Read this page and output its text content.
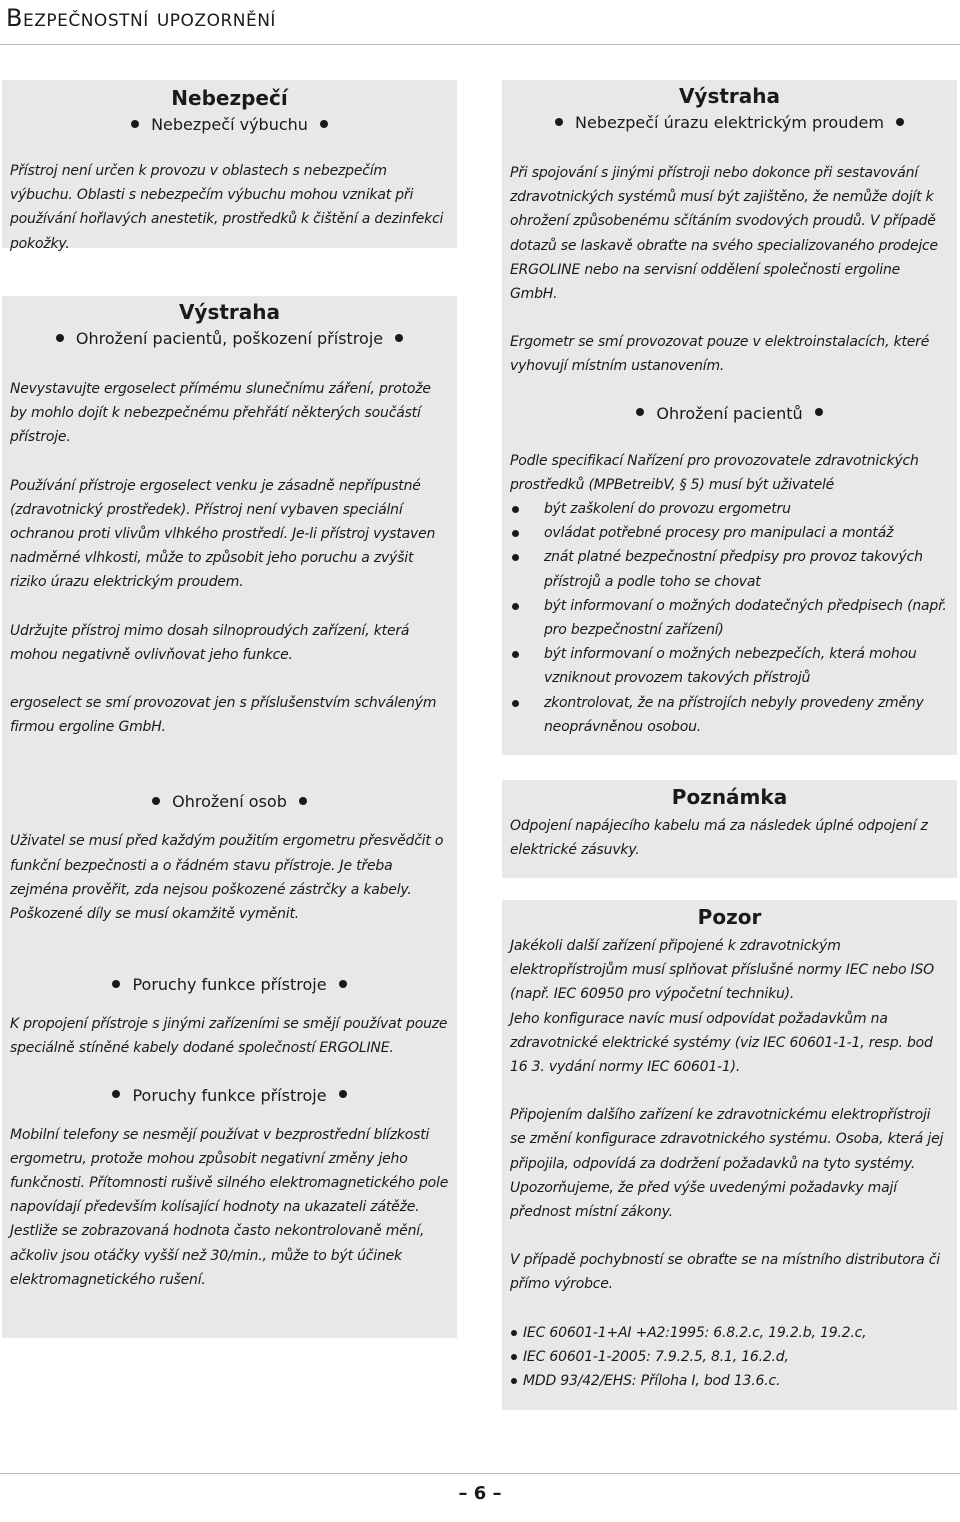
Bezpečnostní upozornění
Nebezpečí
Nebezpečí výbuchu

Přístroj není určen k provozu v oblastech s nebezpečím výbuchu. Oblasti s nebezpečím výbuchu mohou vznikat při používání hořlavých anestetik, prostředků k čištění a dezinfekci pokožky.

Výstraha
Ohrožení pacientů, poškození přístroje

Nevystavujte ergoselect přímému slunečnímu záření, protože by mohlo dojít k nebezpečnému přehřátí některých součástí přístroje.

Používání přístroje ergoselect venku je zásadně nepřípustné (zdravotnický prostředek). Přístroj není vybaven speciální ochranou proti vlivům vlhkého prostředí. Je-li přístroj vystaven nadměrné vlhkosti, může to způsobit jeho poruchu a zvýšit riziko úrazu elektrickým proudem.

Udržujte přístroj mimo dosah silnoproudých zařízení, která mohou negativně ovlivňovat jeho funkce.

ergoselect se smí provozovat jen s příslušenstvím schváleným firmou ergoline GmbH.

Ohrožení osob

Uživatel se musí před každým použitím ergometru přesvědčit o funkční bezpečnosti a o řádném stavu přístroje. Je třeba zejména prověřit, zda nejsou poškozené zástrčky a kabely. Poškozené díly se musí okamžitě vyměnit.

Poruchy funkce přístroje

K propojení přístroje s jinými zařízeními se smějí používat pouze speciálně stíněné kabely dodané společností ERGOLINE.

Poruchy funkce přístroje

Mobilní telefony se nesmějí používat v bezprostřední blízkosti ergometru, protože mohou způsobit negativní změny jeho funkčnosti. Přítomnosti rušivě silného elektromagnetického pole napovídají především kolísající hodnoty na ukazateli zátěže. Jestliže se zobrazovaná hodnota často nekontrolovaně mění, ačkoliv jsou otáčky vyšší než 30/min., může to být účinek elektromagnetického rušení.

Výstraha
Nebezpečí úrazu elektrickým proudem

Při spojování s jinými přístroji nebo dokonce při sestavování zdravotnických systémů musí být zajištěno, že nemůže dojít k ohrožení způsobenému sčítáním svodových proudů. V případě dotazů se laskavě obraťte na svého specializovaného prodejce ERGOLINE nebo na servisní oddělení společnosti ergoline GmbH.

Ergometr se smí provozovat pouze v elektroinstalacích, které vyhovují místním ustanovením.

Ohrožení pacientů

Podle specifikací Nařízení pro provozovatele zdravotnických prostředků (MPBetreibV, § 5) musí být uživatelé

být zaškolení do provozu ergometru
ovládat potřebné procesy pro manipulaci a montáž
znát platné bezpečnostní předpisy pro provoz takových přístrojů a podle toho se chovat
být informovaní o možných dodatečných předpisech (např. pro bezpečnostní zařízení)
být informovaní o možných nebezpečích, která mohou vzniknout provozem takových přístrojů
zkontrolovat, že na přístrojích nebyly provedeny změny neoprávněnou osobou.
Poznámka

Odpojení napájecího kabelu má za následek úplné odpojení z elektrické zásuvky.

Pozor

Jakékoli další zařízení připojené k zdravotnickým elektropřístrojům musí splňovat příslušné normy IEC nebo ISO (např. IEC 60950 pro výpočetní techniku).

Jeho konfigurace navíc musí odpovídat požadavkům na zdravotnické elektrické systémy (viz IEC 60601-1-1, resp. bod 16 3. vydání normy IEC 60601-1).

Připojením dalšího zařízení ke zdravotnickému elektropřístroji se změní konfigurace zdravotnického systému. Osoba, která jej připojila, odpovídá za dodržení požadavků na tyto systémy. Upozorňujeme, že před výše uvedenými požadavky mají přednost místní zákony.

V případě pochybností se obraťte se na místního distributora či přímo výrobce.

IEC 60601-1+AI +A2:1995: 6.8.2.c, 19.2.b, 19.2.c,
IEC 60601-1-2005: 7.9.2.5, 8.1, 16.2.d,
MDD 93/42/EHS: Příloha I, bod 13.6.c.
– 6 –
